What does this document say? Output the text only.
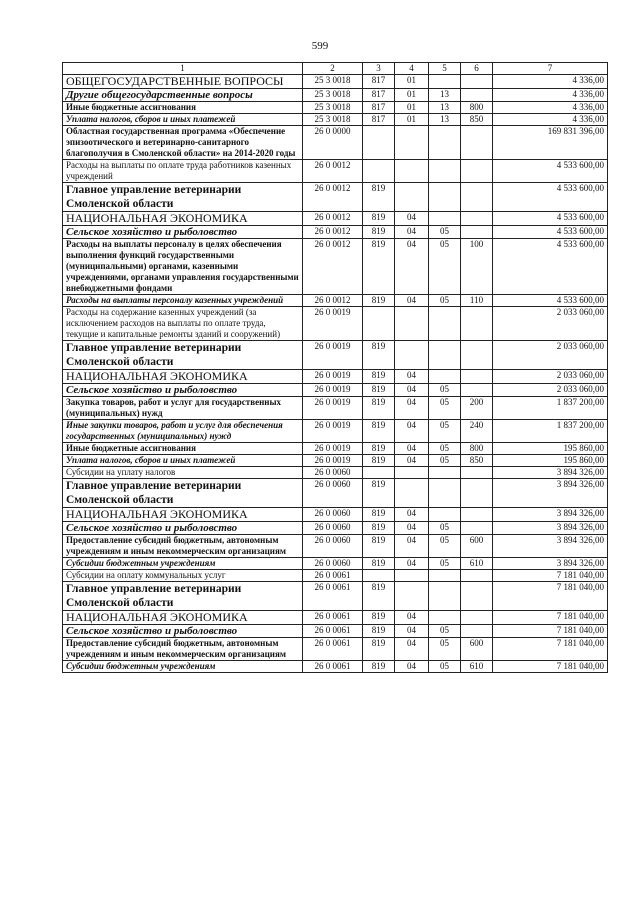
599
1	2	3	4	5	6	7
ОБЩЕГОСУДАРСТВЕННЫЕ ВОПРОСЫ	25 3 0018	817	01			4 336,00
Другие общегосударственные вопросы	25 3 0018	817	01	13		4 336,00
Иные бюджетные ассигнования	25 3 0018	817	01	13	800	4 336,00
Уплата налогов, сборов и иных платежей	25 3 0018	817	01	13	850	4 336,00
Областная государственная программа «Обеспечение эпизоотического и ветеринарно-санитарного благополучия в Смоленской области» на 2014-2020 годы	26 0 0000					169 831 396,00
Расходы на выплаты по оплате труда работников казенных учреждений	26 0 0012					4 533 600,00
Главное управление ветеринарии Смоленской области	26 0 0012	819				4 533 600,00
НАЦИОНАЛЬНАЯ ЭКОНОМИКА	26 0 0012	819	04			4 533 600,00
Сельское хозяйство и рыболовство	26 0 0012	819	04	05		4 533 600,00
Расходы на выплаты персоналу в целях обеспечения выполнения функций государственными (муниципальными) органами, казенными учреждениями, органами управления государственными внебюджетными фондами	26 0 0012	819	04	05	100	4 533 600,00
Расходы на выплаты персоналу казенных учреждений	26 0 0012	819	04	05	110	4 533 600,00
Расходы на содержание казенных учреждений (за исключением расходов на выплаты по оплате труда, текущие и капитальные ремонты зданий и сооружений)	26 0 0019					2 033 060,00
Главное управление ветеринарии Смоленской области	26 0 0019	819				2 033 060,00
НАЦИОНАЛЬНАЯ ЭКОНОМИКА	26 0 0019	819	04			2 033 060,00
Сельское хозяйство и рыболовство	26 0 0019	819	04	05		2 033 060,00
Закупка товаров, работ и услуг для государственных (муниципальных) нужд	26 0 0019	819	04	05	200	1 837 200,00
Иные закупки товаров, работ и услуг для обеспечения государственных (муниципальных) нужд	26 0 0019	819	04	05	240	1 837 200,00
Иные бюджетные ассигнования	26 0 0019	819	04	05	800	195 860,00
Уплата налогов, сборов и иных платежей	26 0 0019	819	04	05	850	195 860,00
Субсидии на уплату налогов	26 0 0060					3 894 326,00
Главное управление ветеринарии Смоленской области	26 0 0060	819				3 894 326,00
НАЦИОНАЛЬНАЯ ЭКОНОМИКА	26 0 0060	819	04			3 894 326,00
Сельское хозяйство и рыболовство	26 0 0060	819	04	05		3 894 326,00
Предоставление субсидий бюджетным, автономным учреждениям и иным некоммерческим организациям	26 0 0060	819	04	05	600	3 894 326,00
Субсидии бюджетным учреждениям	26 0 0060	819	04	05	610	3 894 326,00
Субсидии на оплату коммунальных услуг	26 0 0061					7 181 040,00
Главное управление ветеринарии Смоленской области	26 0 0061	819				7 181 040,00
НАЦИОНАЛЬНАЯ ЭКОНОМИКА	26 0 0061	819	04			7 181 040,00
Сельское хозяйство и рыболовство	26 0 0061	819	04	05		7 181 040,00
Предоставление субсидий бюджетным, автономным учреждениям и иным некоммерческим организациям	26 0 0061	819	04	05	600	7 181 040,00
Субсидии бюджетным учреждениям	26 0 0061	819	04	05	610	7 181 040,00
